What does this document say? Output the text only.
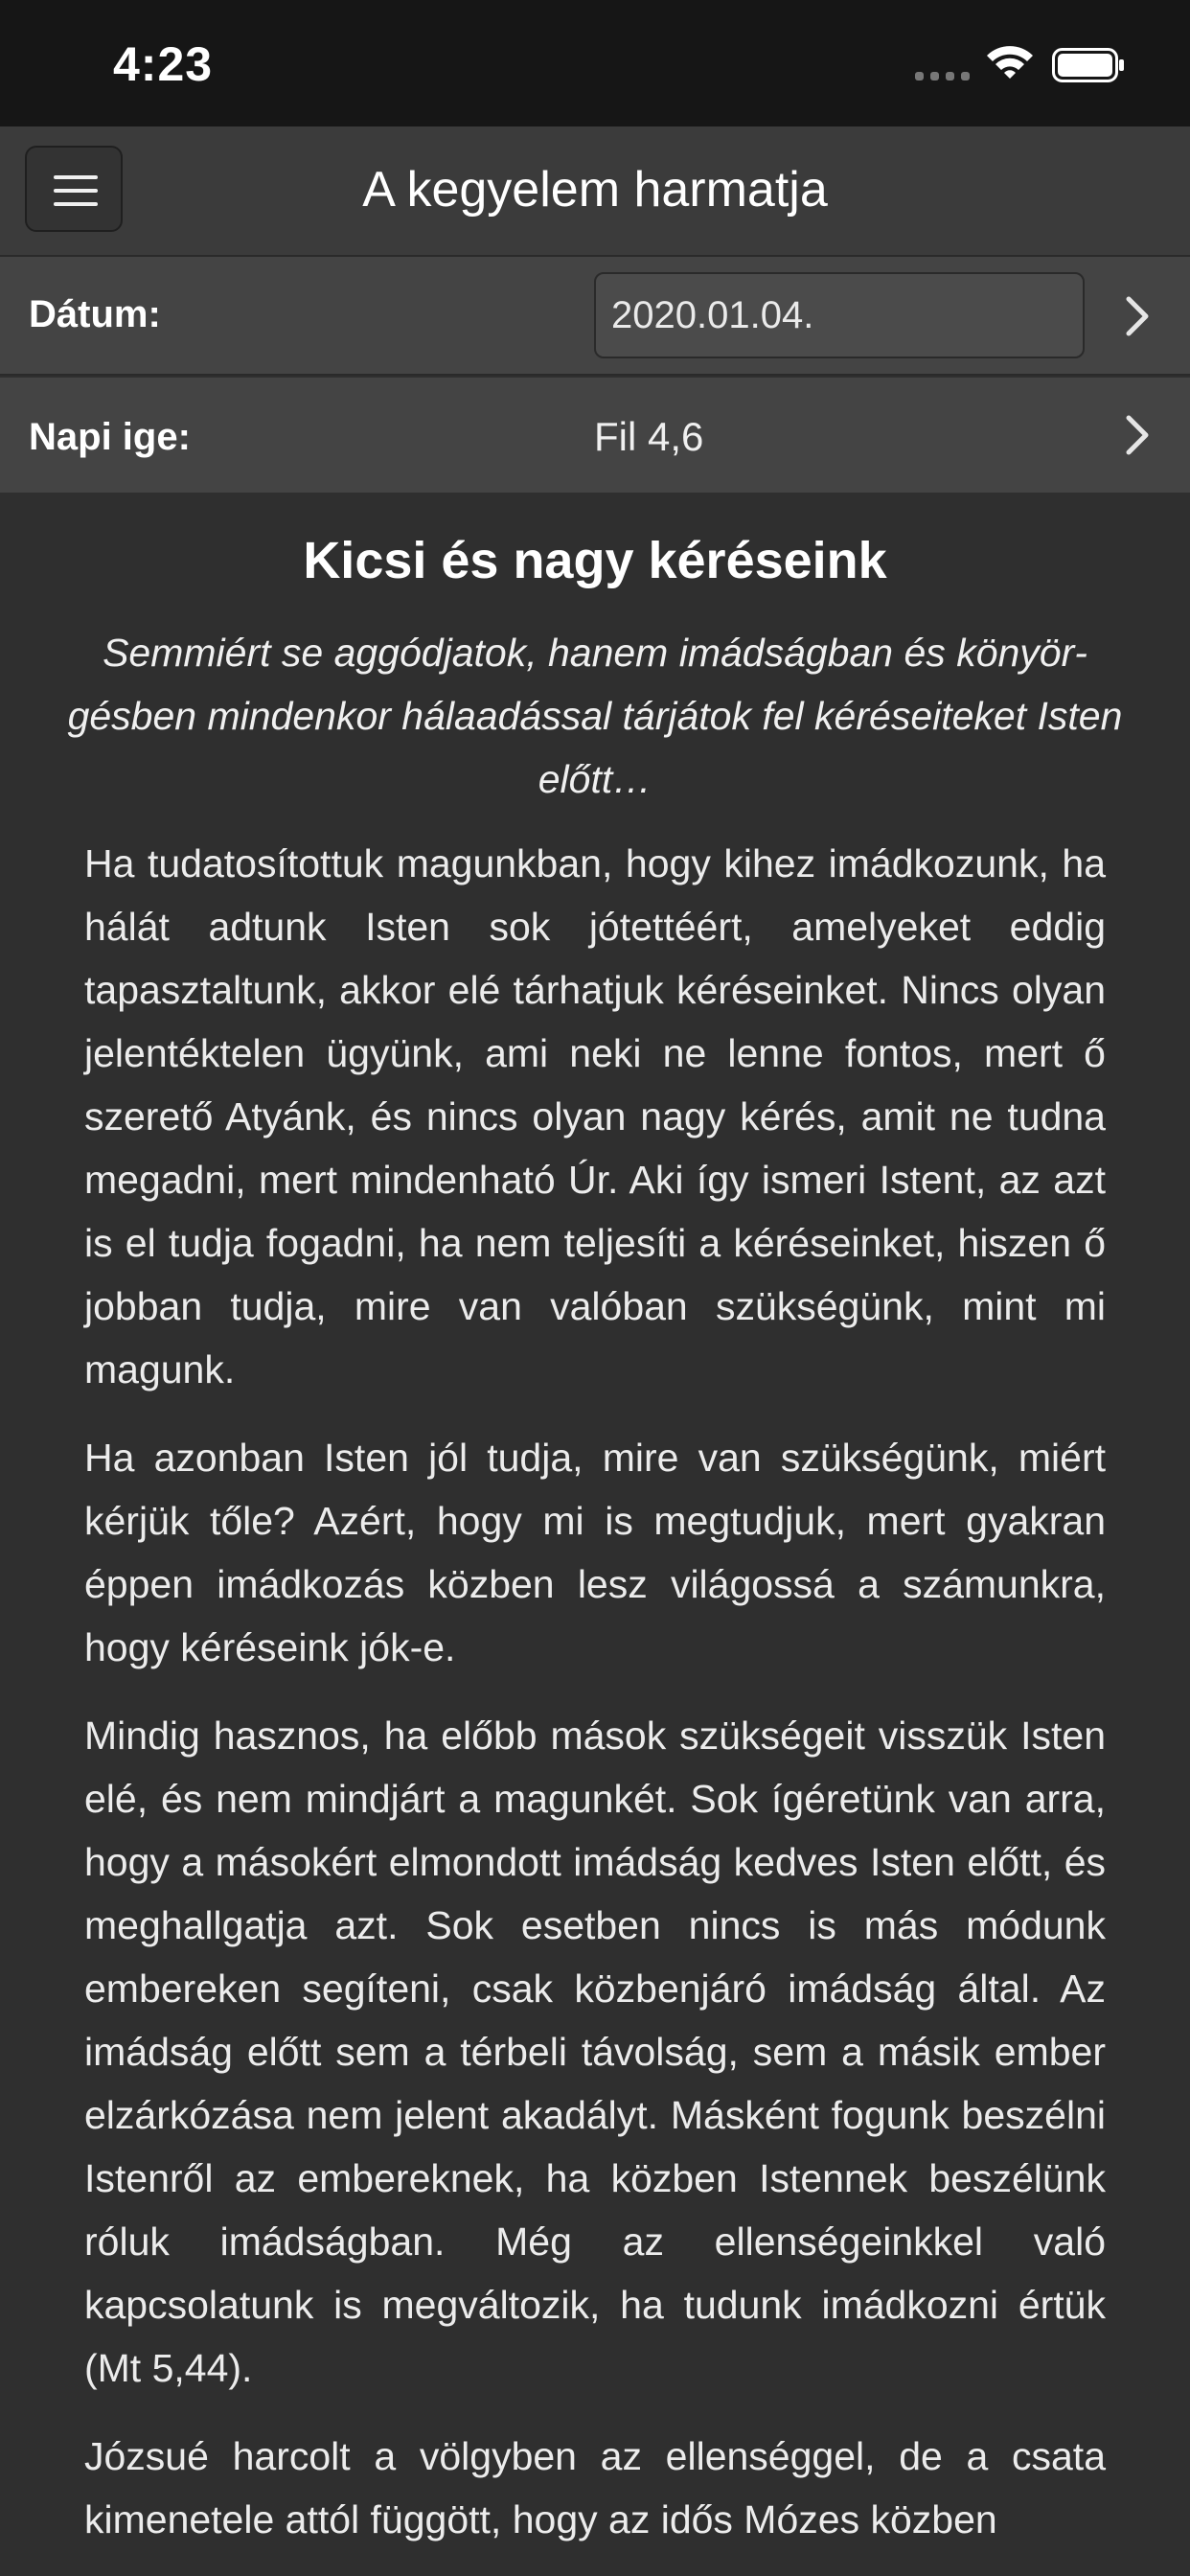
4:23
A kegyelem harmatja
Dátum:
2020.01.04.
Napi ige:	Fil 4,6
Kicsi és nagy kéréseink
Semmiért se aggódjatok, hanem imádságban és könyörgésben mindenkor hálaadással tárjátok fel kéréseiteket Isten előtt…
Ha tudatosítottuk magunkban, hogy kihez imádkozunk, ha hálát adtunk Isten sok jótettéért, amelyeket eddig tapasztaltunk, akkor elé tárhatjuk kéréseinket. Nincs olyan jelentéktelen ügyünk, ami neki ne lenne fontos, mert ő szerető Atyánk, és nincs olyan nagy kérés, amit ne tudna megadni, mert mindenható Úr. Aki így ismeri Istent, az azt is el tudja fogadni, ha nem teljesíti a kéréseinket, hiszen ő jobban tudja, mire van valóban szükségünk, mint mi magunk.
Ha azonban Isten jól tudja, mire van szükségünk, miért kérjük tőle? Azért, hogy mi is megtudjuk, mert gyakran éppen imádkozás közben lesz világossá a számunkra, hogy kéréseink jók-e.
Mindig hasznos, ha előbb mások szükségeit visszük Isten elé, és nem mindjárt a magunkét. Sok ígéretünk van arra, hogy a másokért elmondott imádság kedves Isten előtt, és meghallgatja azt. Sok esetben nincs is más módunk embereken segíteni, csak közbenjáró imádság által. Az imádság előtt sem a térbeli távolság, sem a másik ember elzárkózása nem jelent akadályt. Másként fogunk beszélni Istenről az embereknek, ha közben Istennek beszélünk róluk imádságban. Még az ellenségeinkkel való kapcsolatunk is megváltozik, ha tudunk imádkozni értük (Mt 5,44).
Józsué harcolt a völgyben az ellenséggel, de a csata kimenetele attól függött, hogy az idős Mózes közben
